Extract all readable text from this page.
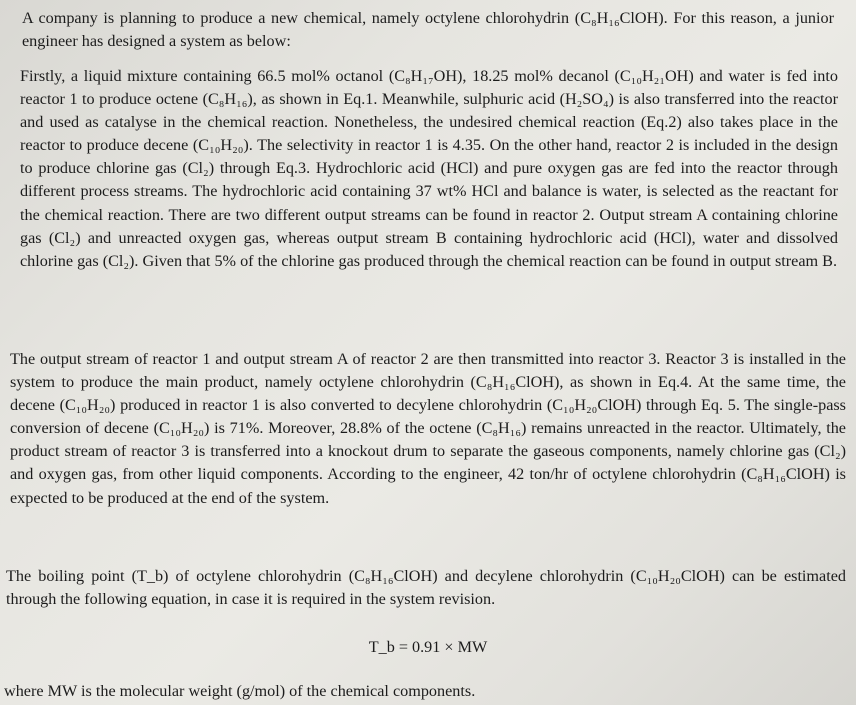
A company is planning to produce a new chemical, namely octylene chlorohydrin (C₈H₁₆ClOH). For this reason, a junior engineer has designed a system as below:

Firstly, a liquid mixture containing 66.5 mol% octanol (C₈H₁₇OH), 18.25 mol% decanol (C₁₀H₂₁OH) and water is fed into reactor 1 to produce octene (C₈H₁₆), as shown in Eq.1. Meanwhile, sulphuric acid (H₂SO₄) is also transferred into the reactor and used as catalyse in the chemical reaction. Nonetheless, the undesired chemical reaction (Eq.2) also takes place in the reactor to produce decene (C₁₀H₂₀). The selectivity in reactor 1 is 4.35. On the other hand, reactor 2 is included in the design to produce chlorine gas (Cl₂) through Eq.3. Hydrochloric acid (HCl) and pure oxygen gas are fed into the reactor through different process streams. The hydrochloric acid containing 37 wt% HCl and balance is water, is selected as the reactant for the chemical reaction. There are two different output streams can be found in reactor 2. Output stream A containing chlorine gas (Cl₂) and unreacted oxygen gas, whereas output stream B containing hydrochloric acid (HCl), water and dissolved chlorine gas (Cl₂). Given that 5% of the chlorine gas produced through the chemical reaction can be found in output stream B.

The output stream of reactor 1 and output stream A of reactor 2 are then transmitted into reactor 3. Reactor 3 is installed in the system to produce the main product, namely octylene chlorohydrin (C₈H₁₆ClOH), as shown in Eq.4. At the same time, the decene (C₁₀H₂₀) produced in reactor 1 is also converted to decylene chlorohydrin (C₁₀H₂₀ClOH) through Eq. 5. The single-pass conversion of decene (C₁₀H₂₀) is 71%. Moreover, 28.8% of the octene (C₈H₁₆) remains unreacted in the reactor. Ultimately, the product stream of reactor 3 is transferred into a knockout drum to separate the gaseous components, namely chlorine gas (Cl₂) and oxygen gas, from other liquid components. According to the engineer, 42 ton/hr of octylene chlorohydrin (C₈H₁₆ClOH) is expected to be produced at the end of the system.

The boiling point (T_b) of octylene chlorohydrin (C₈H₁₆ClOH) and decylene chlorohydrin (C₁₀H₂₀ClOH) can be estimated through the following equation, in case it is required in the system revision.

T_b = 0.91 × MW
where MW is the molecular weight (g/mol) of the chemical components.
